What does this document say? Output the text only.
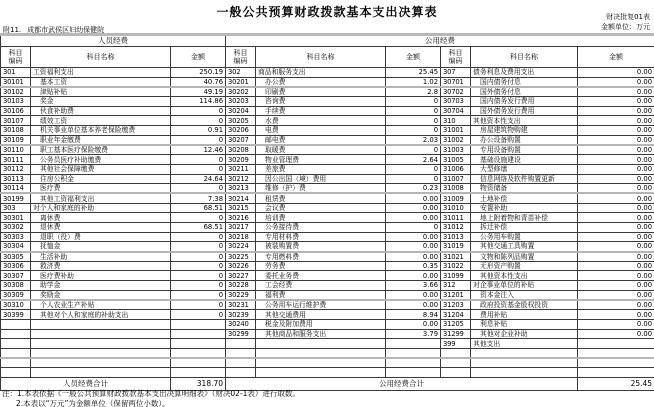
一般公共预算财政拨款基本支出决算表	财决批复01表
金额单位：万元
附11. 成都市武侯区妇幼保健院
人员经费			公用经费					

科目
编码	科目名称	金额	科目
编码	科目名称	金额	科目
编码	科目名称	金额
301	工资福利支出	250.19	302	商品和服务支出	25.45	307	债务利息及费用支出	0.00
30101	基本工资	40.76	30201	办公费	1.02	30701	国内债务付息	0.00
30102	津贴补贴	49.19	30202	印刷费	2.8	30702	国外债务付息	0.00
30103	奖金	114.86	30203	咨询费	0	30703	国内债务发行费用	0.00
30106	伙食补助费	0	30204	手续费	0	30704	国外债务发行费用	0.00
30107	绩效工资	0	30205	水费	0	310	其他资本性支出	0.00
30108	机关事业单位基本养老保险缴费	0.91	30206	电费	0	31001	房屋建筑物购建	0.00
30109	职业年金缴费	0	30207	邮电费	2.03	31002	办公设备购置	0.00
30110	职工基本医疗保险缴费	12.46	30208	取暖费	0	31003	专用设备购置	0.00
30111	公务员医疗补助缴费	0	30209	物业管理费	2.64	31005	基础设施建设	0.00
30112	其他社会保障缴费	0	30211	差旅费	0	31006	大型修缮	0.00
30113	住房公积金	24.64	30212	因公出国（境）费用	0	31007	信息网络及软件购置更新	0.00
30114	医疗费	0	30213	维修（护）费	0.23	31008	物资储备	0.00
30199	其他工资福利支出	7.38	30214	租赁费	0.00	31009	土地补偿	0.00
303	对个人和家庭的补助	68.51	30215	会议费	0.00	31010	安置补助	0.00
30301	离休费	0	30216	培训费	0.00	31011	地上附着物和青苗补偿	0.00
30302	退休费	68.51	30217	公务接待费	0	31012	拆迁补偿	0.00
30303	退职（役）费	0	30218	专用材料费	0.00	31013	公务用车购置	0.00
30304	抚恤金	0	30224	被装购置费	0.00	31019	其他交通工具购置	0.00
30305	生活补助	0	30225	专用燃料费	0.00	31021	文物和陈列品购置	0.00
30306	救济费	0	30226	劳务费	0.35	31022	无形资产购置	0.00
30307	医疗费补助	0	30227	委托业务费	0.00	31099	其他资本性支出	0.00
30308	助学金	0	30228	工会经费	3.66	312	对企事业单位的补贴	0.00
30309	奖励金	0	30229	福利费	0.00	31201	资本金注入	0.00
30310	个人农业生产补贴	0	30231	公务用车运行维护费	0.00	31203	政府投资基金股权投资	0.00
30399	其他对个人和家庭的补助支出	0	30239	其他交通费用	8.94	31204	费用补贴	0.00
			30240	税金及附加费用	0.00	31205	利息补贴	0.00
			30299	其他商品和服务支出	3.79	31299	其他对企业补助	0.00
						399	其他支出	

人员经费合计		318.70	公用经费合计					25.45
注：1.本表依据《一般公共预算财政拨款基本支出决算明细表》（财决02-1表）进行取数。
2.本表以“万元”为金额单位（保留两位小数）。
